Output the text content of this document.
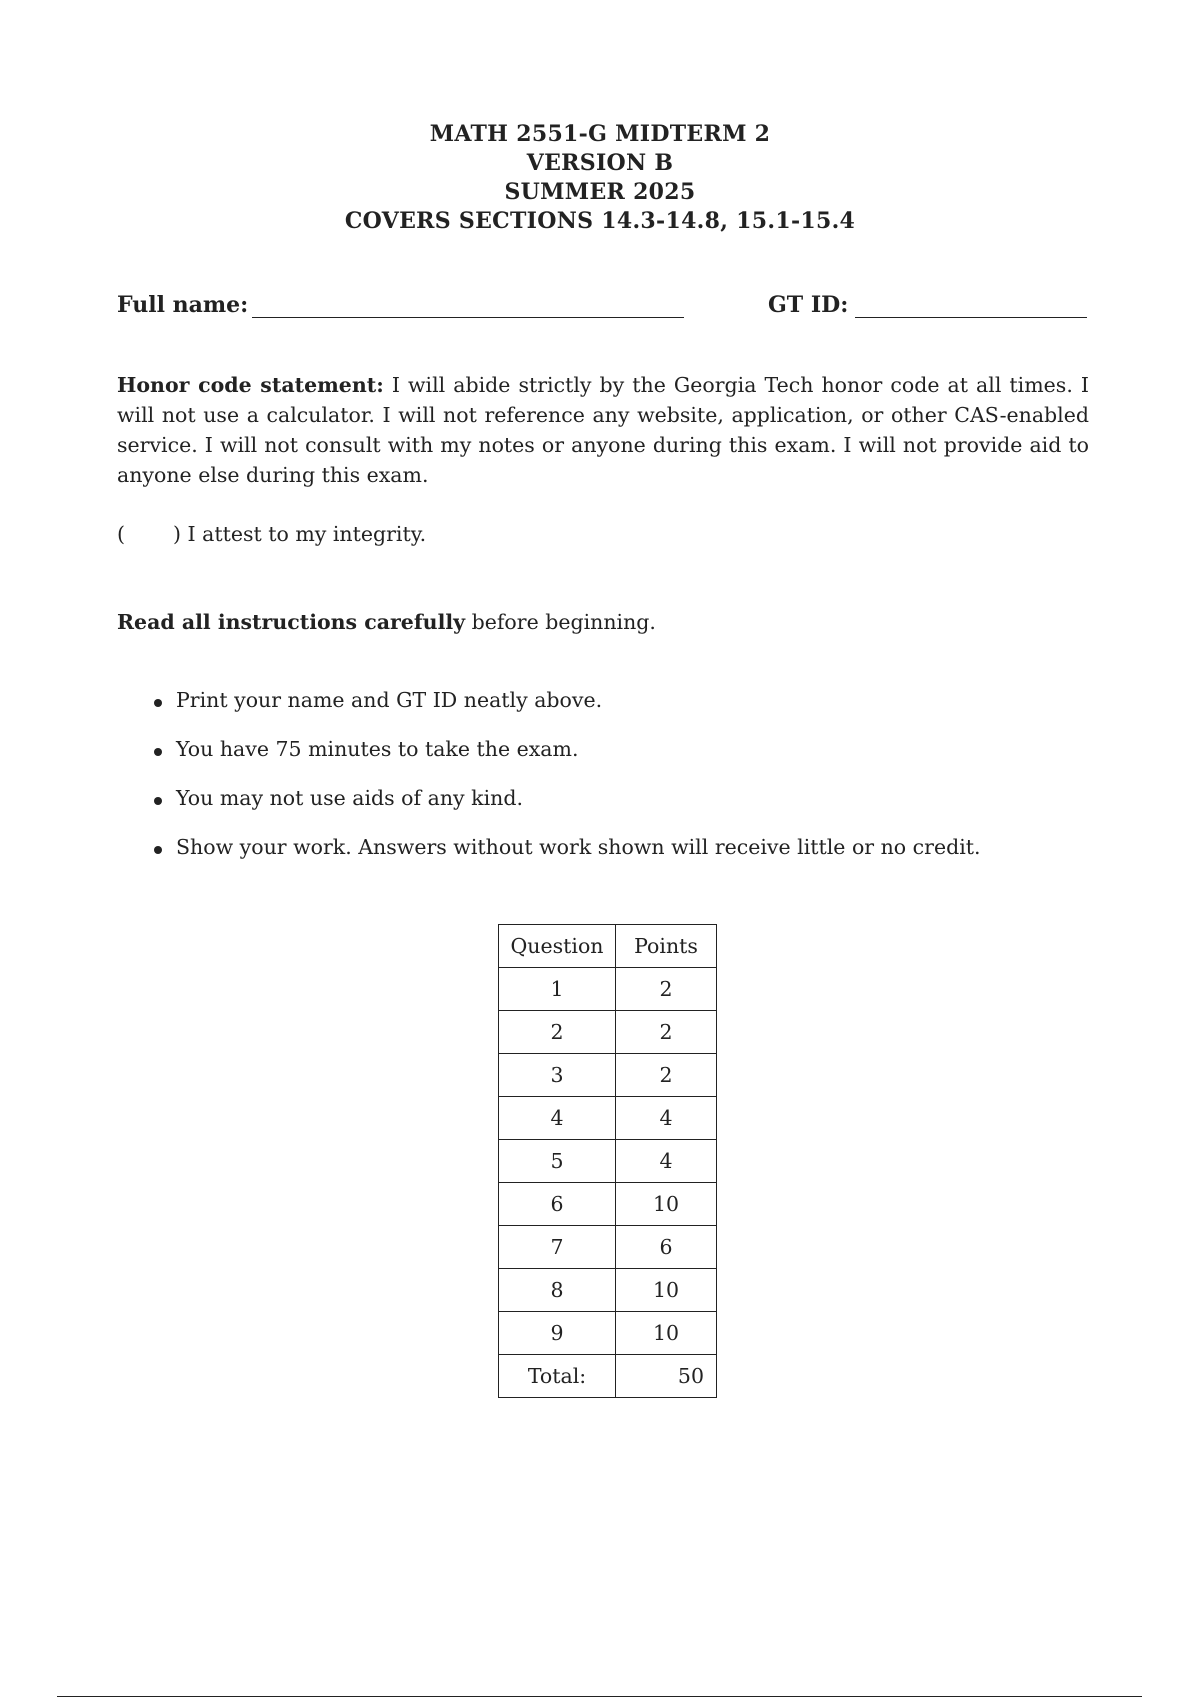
MATH 2551-G MIDTERM 2
VERSION B
SUMMER 2025
COVERS SECTIONS 14.3-14.8, 15.1-15.4
Full name:	GT ID:
Honor code statement: I will abide strictly by the Georgia Tech honor code at all times. I will not use a calculator. I will not reference any website, application, or other CAS-enabled service. I will not consult with my notes or anyone during this exam. I will not provide aid to anyone else during this exam.
( ) I attest to my integrity.
Read all instructions carefully before beginning.
Print your name and GT ID neatly above.
You have 75 minutes to take the exam.
You may not use aids of any kind.
Show your work. Answers without work shown will receive little or no credit.
Question	Points
1	2
2	2
3	2
4	4
5	4
6	10
7	6
8	10
9	10
Total:	50
